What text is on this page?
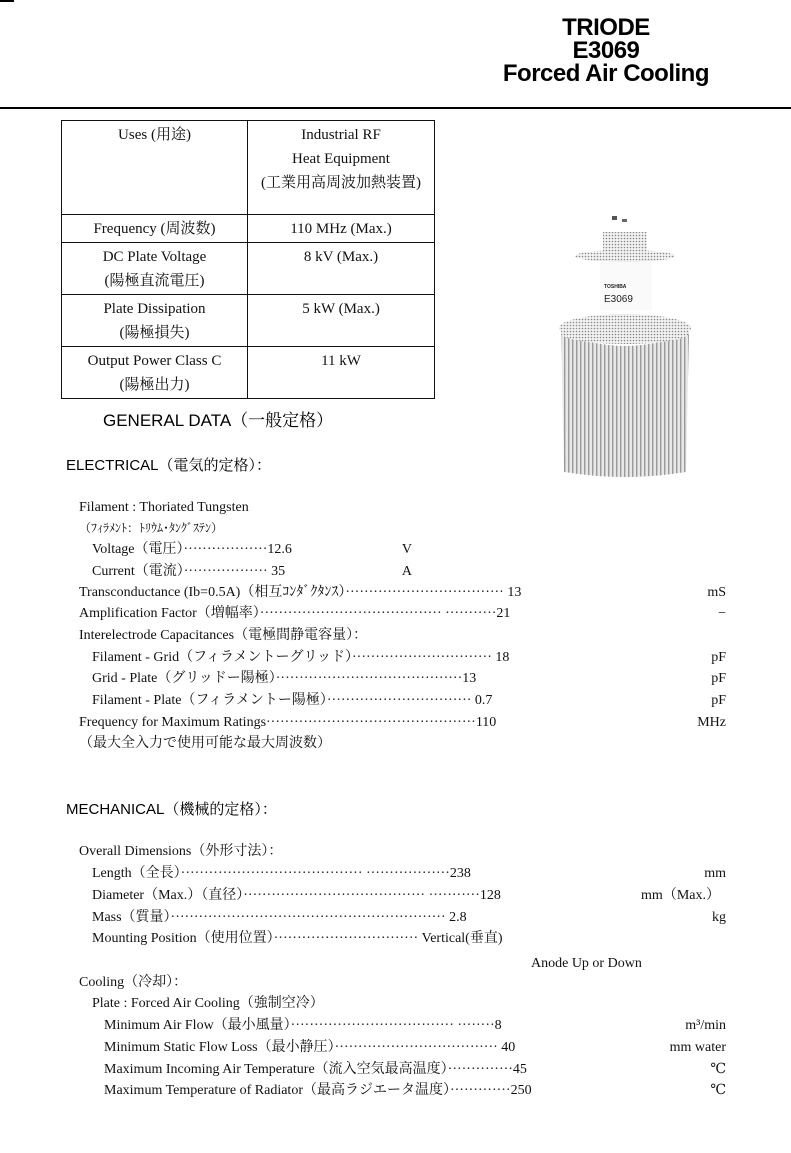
TRIODE
E3069
Forced Air Cooling
Uses (用途)	Industrial RF
Heat Equipment
(工業用高周波加熱装置)

Frequency (周波数)	110 MHz (Max.)

DC Plate Voltage
(陽極直流電圧)	8 kV (Max.)

Plate Dissipation
(陽極損失)	5 kW (Max.)

Output Power Class C
(陽極出力)	11 kW
TOSHIBA
E3069
GENERAL DATA（一般定格）
ELECTRICAL（電気的定格）：
Filament : Thoriated Tungsten
（ﾌｨﾗﾒﾝﾄ：ﾄﾘｳﾑ･ﾀﾝｸﾞｽﾃﾝ）
Voltage（電圧）··················12.6	V
Current（電流）·················· 35	A
Transconductance (Ib=0.5A)（相互ｺﾝﾀﾞｸﾀﾝｽ）·································· 13	mS
Amplification Factor（増幅率）······································· ···········21	−
Interelectrode Capacitances（電極間静電容量）：
Filament - Grid（フィラメントーグリッド）······························ 18	pF
Grid - Plate（グリッドー陽極）········································13	pF
Filament - Plate（フィラメントー陽極）······························· 0.7	pF
Frequency for Maximum Ratings·············································110	MHz
（最大全入力で使用可能な最大周波数）
MECHANICAL（機械的定格）：
Overall Dimensions（外形寸法）：
Length（全長）······································· ··················238	mm
Diameter（Max.）（直径）······································· ···········128	mm（Max.）
Mass（質量）··························································· 2.8	kg
Mounting Position（使用位置）······························· Vertical(垂直)
Anode Up or Down
Cooling（冷却）：
Plate : Forced Air Cooling（強制空冷）
Minimum Air Flow（最小風量）··································· ········8	m³/min
Minimum Static Flow Loss（最小静圧）··································· 40	mm water
Maximum Incoming Air Temperature（流入空気最高温度）··············45	℃
Maximum Temperature of Radiator（最高ラジエータ温度）·············250	℃
